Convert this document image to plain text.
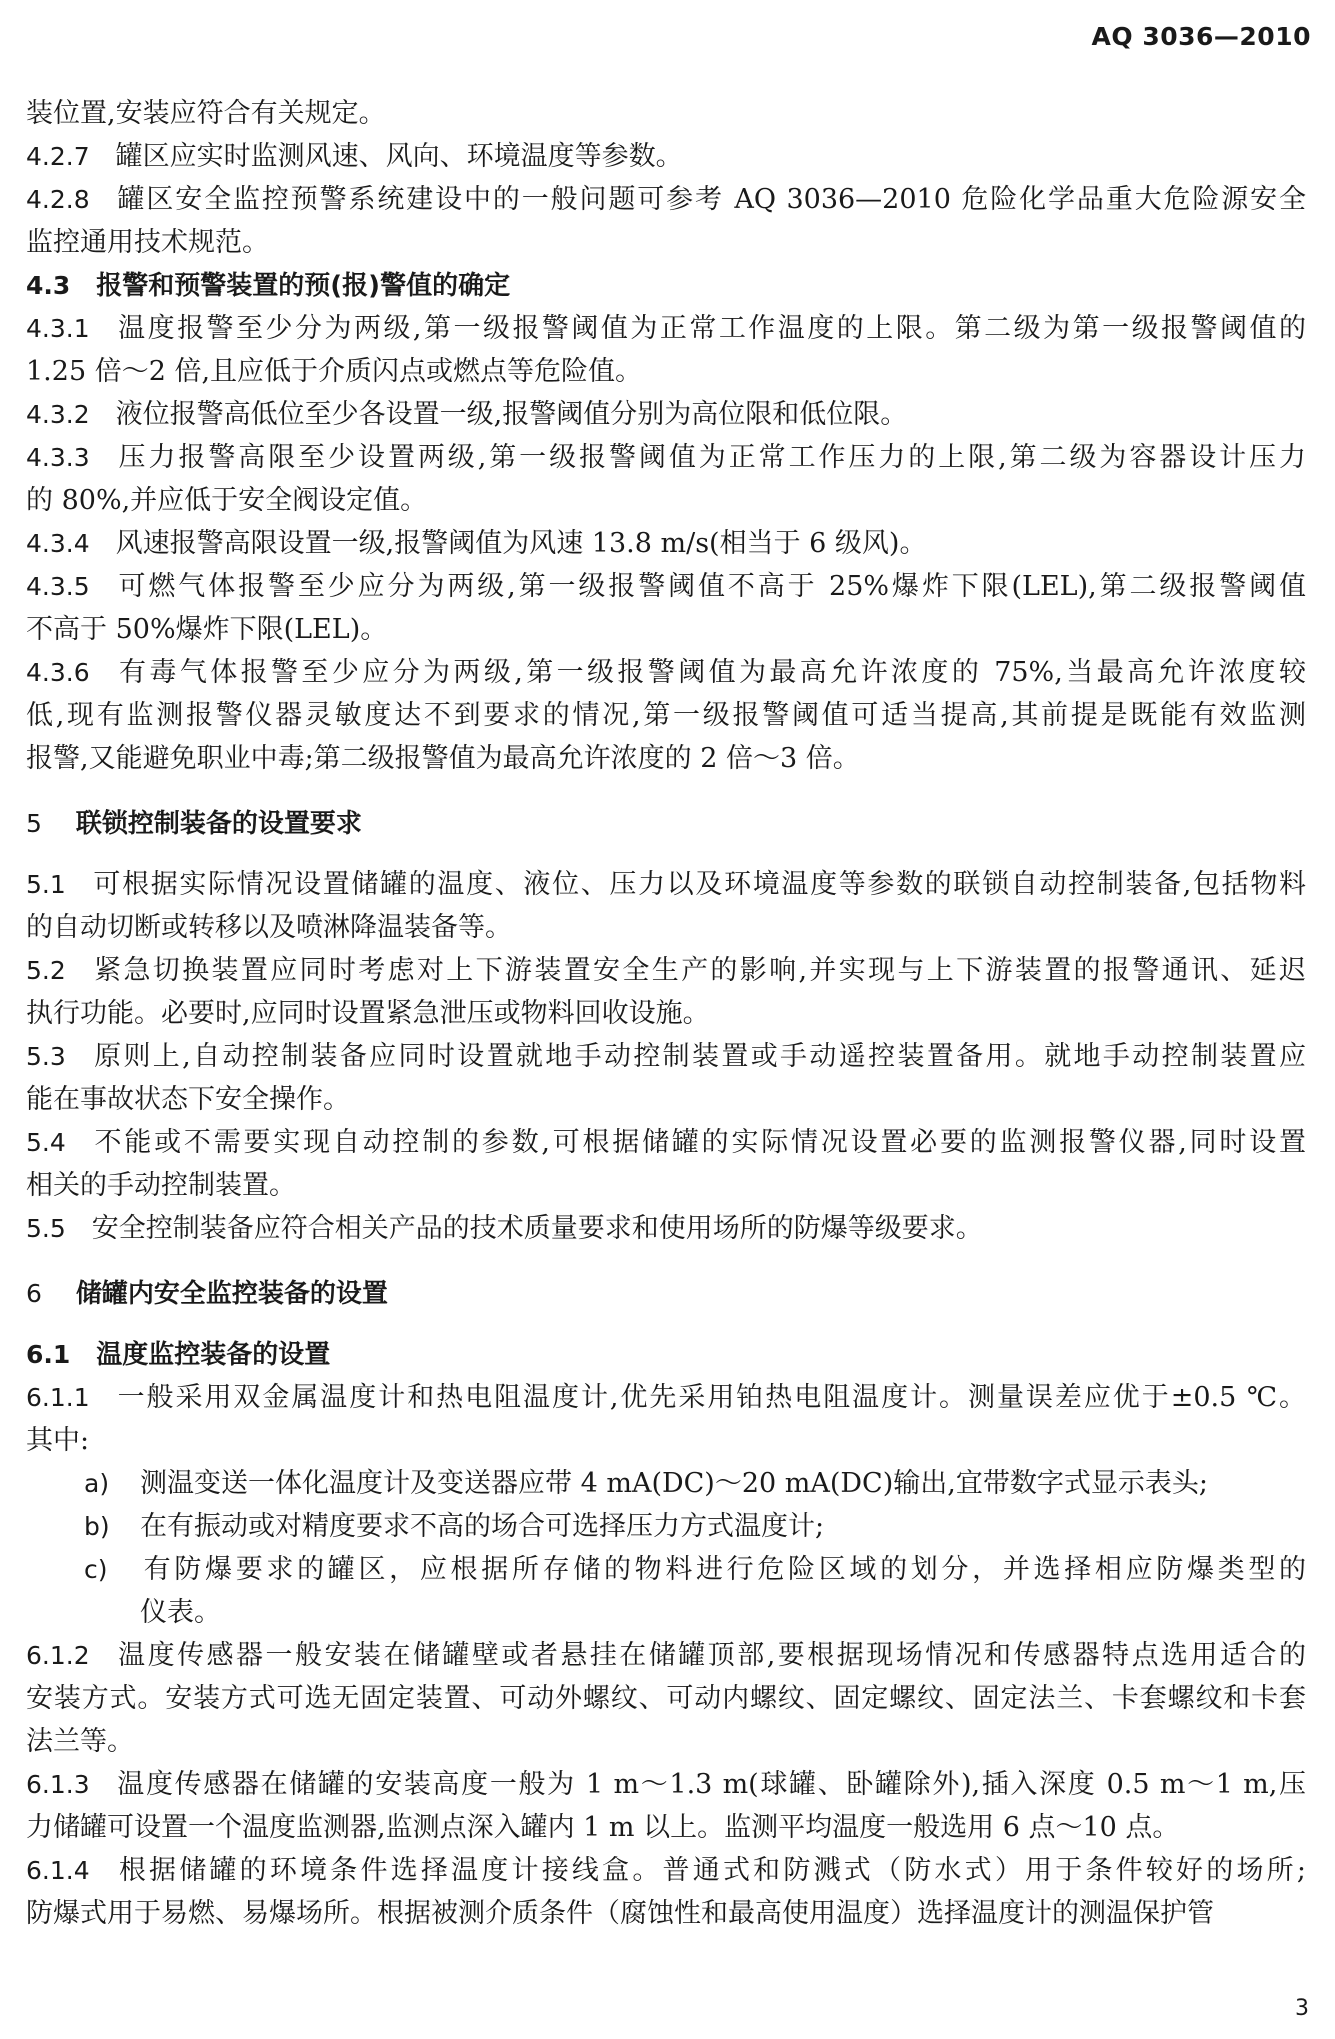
AQ 3036—2010
装位置,安装应符合有关规定。
4.2.7 罐区应实时监测风速、风向、环境温度等参数。
4.2.8 罐区安全监控预警系统建设中的一般问题可参考 AQ 3036—2010 危险化学品重大危险源安全
监控通用技术规范。
4.3 报警和预警装置的预(报)警值的确定
4.3.1 温度报警至少分为两级,第一级报警阈值为正常工作温度的上限。第二级为第一级报警阈值的
1.25 倍～2 倍,且应低于介质闪点或燃点等危险值。
4.3.2 液位报警高低位至少各设置一级,报警阈值分别为高位限和低位限。
4.3.3 压力报警高限至少设置两级,第一级报警阈值为正常工作压力的上限,第二级为容器设计压力
的 80%,并应低于安全阀设定值。
4.3.4 风速报警高限设置一级,报警阈值为风速 13.8 m/s(相当于 6 级风)。
4.3.5 可燃气体报警至少应分为两级,第一级报警阈值不高于 25%爆炸下限(LEL),第二级报警阈值
不高于 50%爆炸下限(LEL)。
4.3.6 有毒气体报警至少应分为两级,第一级报警阈值为最高允许浓度的 75%,当最高允许浓度较
低,现有监测报警仪器灵敏度达不到要求的情况,第一级报警阈值可适当提高,其前提是既能有效监测
报警,又能避免职业中毒;第二级报警值为最高允许浓度的 2 倍～3 倍。
5 联锁控制装备的设置要求
5.1 可根据实际情况设置储罐的温度、液位、压力以及环境温度等参数的联锁自动控制装备,包括物料
的自动切断或转移以及喷淋降温装备等。
5.2 紧急切换装置应同时考虑对上下游装置安全生产的影响,并实现与上下游装置的报警通讯、延迟
执行功能。必要时,应同时设置紧急泄压或物料回收设施。
5.3 原则上,自动控制装备应同时设置就地手动控制装置或手动遥控装置备用。就地手动控制装置应
能在事故状态下安全操作。
5.4 不能或不需要实现自动控制的参数,可根据储罐的实际情况设置必要的监测报警仪器,同时设置
相关的手动控制装置。
5.5 安全控制装备应符合相关产品的技术质量要求和使用场所的防爆等级要求。
6 储罐内安全监控装备的设置
6.1 温度监控装备的设置
6.1.1 一般采用双金属温度计和热电阻温度计,优先采用铂热电阻温度计。测量误差应优于±0.5 ℃。
其中:
a) 测温变送一体化温度计及变送器应带 4 mA(DC)～20 mA(DC)输出,宜带数字式显示表头;
b) 在有振动或对精度要求不高的场合可选择压力方式温度计;
c) 有防爆要求的罐区，应根据所存储的物料进行危险区域的划分，并选择相应防爆类型的
仪表。
6.1.2 温度传感器一般安装在储罐壁或者悬挂在储罐顶部,要根据现场情况和传感器特点选用适合的
安装方式。安装方式可选无固定装置、可动外螺纹、可动内螺纹、固定螺纹、固定法兰、卡套螺纹和卡套
法兰等。
6.1.3 温度传感器在储罐的安装高度一般为 1 m～1.3 m(球罐、卧罐除外),插入深度 0.5 m～1 m,压
力储罐可设置一个温度监测器,监测点深入罐内 1 m 以上。监测平均温度一般选用 6 点～10 点。
6.1.4 根据储罐的环境条件选择温度计接线盒。普通式和防溅式（防水式）用于条件较好的场所;
防爆式用于易燃、易爆场所。根据被测介质条件（腐蚀性和最高使用温度）选择温度计的测温保护管
3
